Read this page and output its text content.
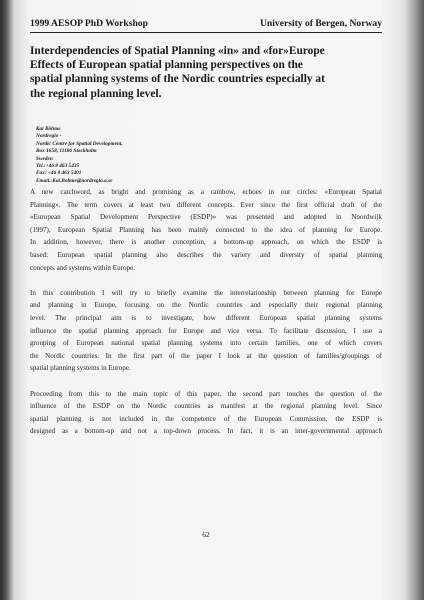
1999 AESOP PhD Workshop	University of Bergen, Norway
Interdependencies of Spatial Planning «in» and «for»Europe
Effects of European spatial planning perspectives on the
spatial planning systems of the Nordic countries especially at
the regional planning level.
Kai Böhme
Nordregio -
Nordic Centre for Spatial Development,
Box 1658, 11186 Stockholm
Sweden
Tel.:+46 8 463 5435
Fax: +46 8 463 5401
Email.:Kai.Bohme@nordregio.a.se
A new catchword, as bright and promising as a rainbow, echoes in our circles: «European Spatial
Planning». The term covers at least two different concepts. Ever since the first official draft of the
«European Spatial Development Perspective (ESDP)» was presented and adopted in Noordwijk
(1997), European Spatial Planning has been mainly connected to the idea of planning for Europe.
In addition, however, there is another conception, a bottom-up approach, on which the ESDP is
based: European spatial planning also describes the variety and diversity of spatial planning
concepts and systems within Europe.
In this contribution I will try to briefly examine the interrelationship between planning for Europe
and planning in Europe, focusing on the Nordic countries and especially their regional planning
level. The principal aim is to investigate, how different European spatial planning systems
influence the spatial planning approach for Europe and vice versa. To facilitate discussion, I use a
grouping of European national spatial planning systems into certain families, one of which covers
the Nordic countries. In the first part of the paper I look at the question of families/groupings of
spatial planning systems in Europe.
Proceeding from this to the main topic of this paper, the second part touches the question of the
influence of the ESDP on the Nordic countries as manifest at the regional planning level. Since
spatial planning is not included in the competence of the European Commission, the ESDP is
designed as a bottom-up and not a top-down process. In fact, it is an inter-governmental approach
62
